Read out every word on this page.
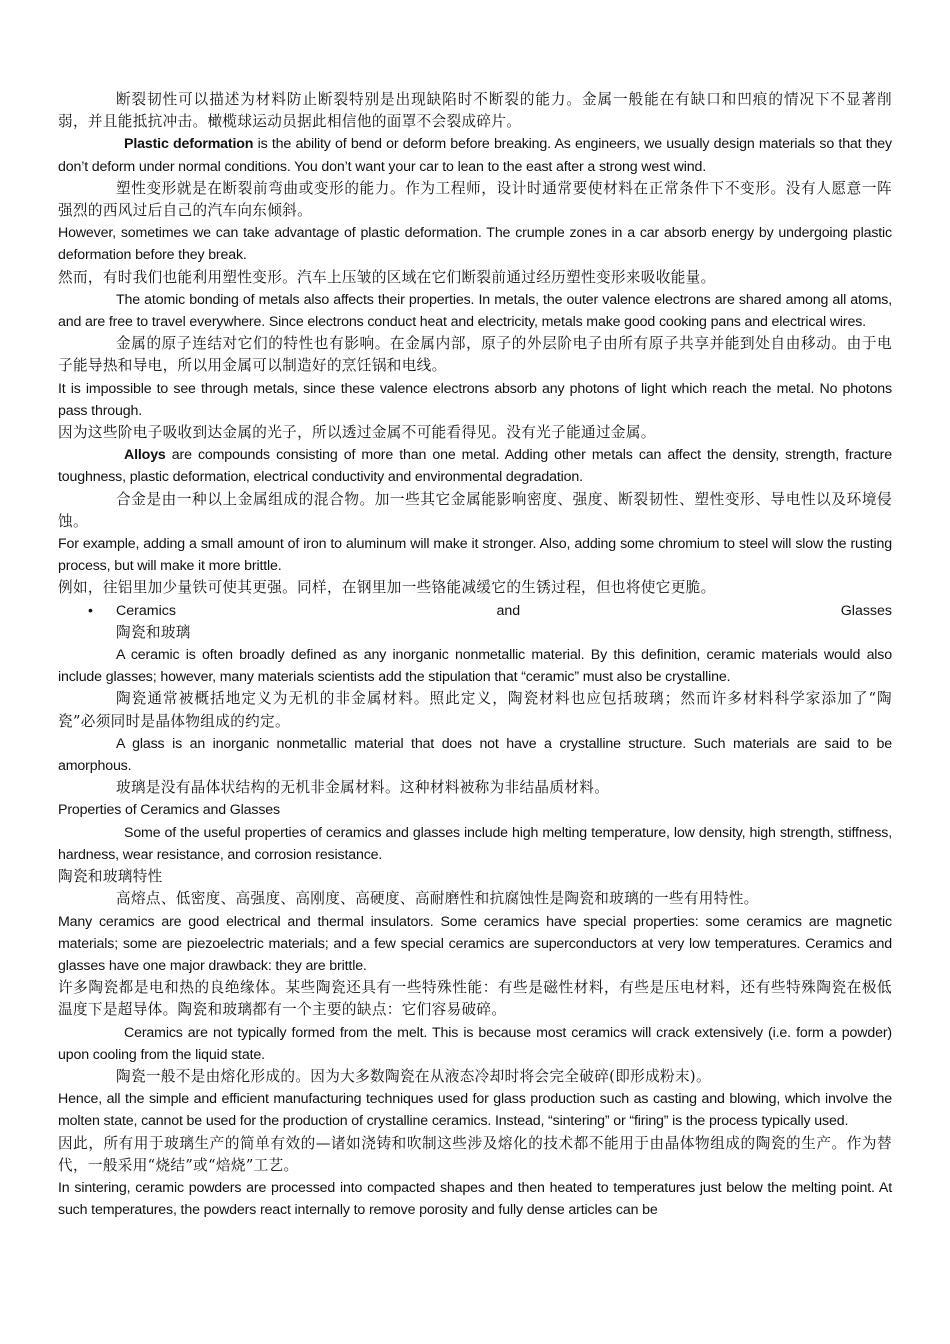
断裂韧性可以描述为材料防止断裂特别是出现缺陷时不断裂的能力。金属一般能在有缺口和凹痕的情况下不显著削弱，并且能抵抗冲击。橄榄球运动员据此相信他的面罩不会裂成碎片。

Plastic deformation is the ability of bend or deform before breaking. As engineers, we usually design materials so that they don’t deform under normal conditions. You don’t want your car to lean to the east after a strong west wind.

塑性变形就是在断裂前弯曲或变形的能力。作为工程师，设计时通常要使材料在正常条件下不变形。没有人愿意一阵强烈的西风过后自己的汽车向东倾斜。

However, sometimes we can take advantage of plastic deformation. The crumple zones in a car absorb energy by undergoing plastic deformation before they break.

然而，有时我们也能利用塑性变形。汽车上压皱的区域在它们断裂前通过经历塑性变形来吸收能量。

The atomic bonding of metals also affects their properties. In metals, the outer valence electrons are shared among all atoms, and are free to travel everywhere. Since electrons conduct heat and electricity, metals make good cooking pans and electrical wires.

金属的原子连结对它们的特性也有影响。在金属内部，原子的外层阶电子由所有原子共享并能到处自由移动。由于电子能导热和导电，所以用金属可以制造好的烹饪锅和电线。

It is impossible to see through metals, since these valence electrons absorb any photons of light which reach the metal. No photons pass through.

因为这些阶电子吸收到达金属的光子，所以透过金属不可能看得见。没有光子能通过金属。

Alloys are compounds consisting of more than one metal. Adding other metals can affect the density, strength, fracture toughness, plastic deformation, electrical conductivity and environmental degradation.

合金是由一种以上金属组成的混合物。加一些其它金属能影响密度、强度、断裂韧性、塑性变形、导电性以及环境侵蚀。

For example, adding a small amount of iron to aluminum will make it stronger. Also, adding some chromium to steel will slow the rusting process, but will make it more brittle.

例如，往铝里加少量铁可使其更强。同样，在钢里加一些铬能减缓它的生锈过程，但也将使它更脆。

•	Ceramics	and	Glasses

陶瓷和玻璃

A ceramic is often broadly defined as any inorganic nonmetallic material. By this definition, ceramic materials would also include glasses; however, many materials scientists add the stipulation that “ceramic” must also be crystalline.

陶瓷通常被概括地定义为无机的非金属材料。照此定义，陶瓷材料也应包括玻璃；然而许多材料科学家添加了“陶瓷”必须同时是晶体物组成的约定。

A glass is an inorganic nonmetallic material that does not have a crystalline structure. Such materials are said to be amorphous.

玻璃是没有晶体状结构的无机非金属材料。这种材料被称为非结晶质材料。

Properties of Ceramics and Glasses

Some of the useful properties of ceramics and glasses include high melting temperature, low density, high strength, stiffness, hardness, wear resistance, and corrosion resistance.

陶瓷和玻璃特性

高熔点、低密度、高强度、高刚度、高硬度、高耐磨性和抗腐蚀性是陶瓷和玻璃的一些有用特性。

Many ceramics are good electrical and thermal insulators. Some ceramics have special properties: some ceramics are magnetic materials; some are piezoelectric materials; and a few special ceramics are superconductors at very low temperatures. Ceramics and glasses have one major drawback: they are brittle.

许多陶瓷都是电和热的良绝缘体。某些陶瓷还具有一些特殊性能：有些是磁性材料，有些是压电材料，还有些特殊陶瓷在极低温度下是超导体。陶瓷和玻璃都有一个主要的缺点：它们容易破碎。

Ceramics are not typically formed from the melt. This is because most ceramics will crack extensively (i.e. form a powder) upon cooling from the liquid state.

陶瓷一般不是由熔化形成的。因为大多数陶瓷在从液态冷却时将会完全破碎(即形成粉末)。

Hence, all the simple and efficient manufacturing techniques used for glass production such as casting and blowing, which involve the molten state, cannot be used for the production of crystalline ceramics. Instead, “sintering” or “firing” is the process typically used.

因此，所有用于玻璃生产的简单有效的—诸如浇铸和吹制这些涉及熔化的技术都不能用于由晶体物组成的陶瓷的生产。作为替代，一般采用“烧结”或“焙烧”工艺。

In sintering, ceramic powders are processed into compacted shapes and then heated to temperatures just below the melting point. At such temperatures, the powders react internally to remove porosity and fully dense articles can be
